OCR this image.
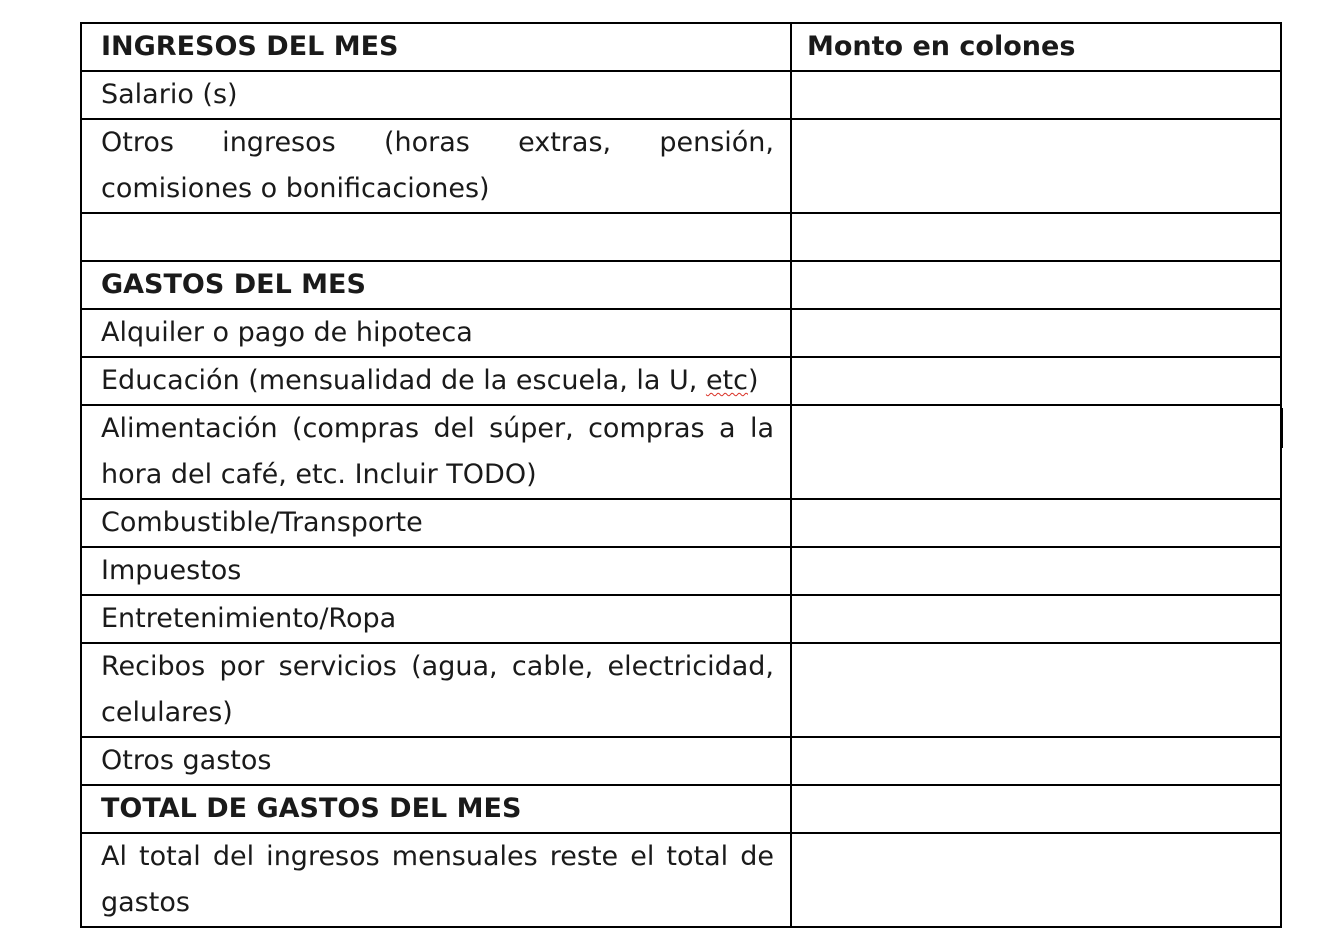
INGRESOS DEL MES	Monto en colones
Salario (s)	
Otros ingresos (horas extras, pensión, comisiones o bonificaciones)	

GASTOS DEL MES	
Alquiler o pago de hipoteca	
Educación (mensualidad de la escuela, la U, etc)	
Alimentación (compras del súper, compras a la hora del café, etc. Incluir TODO)	
Combustible/Transporte	
Impuestos	
Entretenimiento/Ropa	
Recibos por servicios (agua, cable, electricidad, celulares)	
Otros gastos	
TOTAL DE GASTOS DEL MES	
Al total del ingresos mensuales reste el total de gastos	
